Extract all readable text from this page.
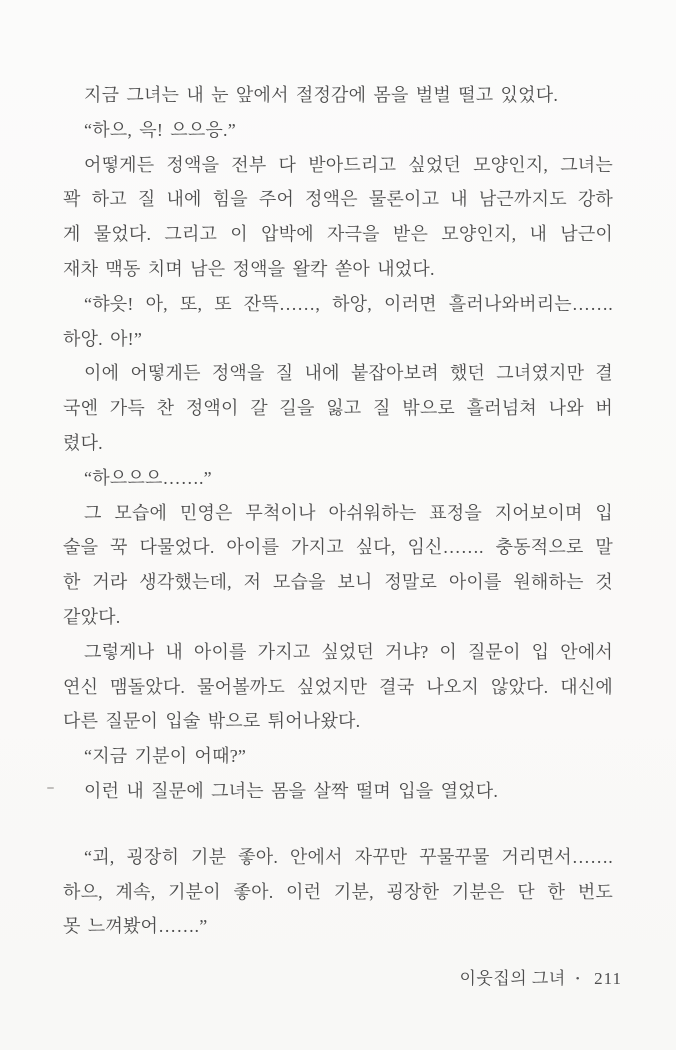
지금 그녀는 내 눈 앞에서 절정감에 몸을 벌벌 떨고 있었다.
“하으, 윽! 으으응.”
어떻게든 정액을 전부 다 받아드리고 싶었던 모양인지, 그녀는
꽉 하고 질 내에 힘을 주어 정액은 물론이고 내 남근까지도 강하
게 물었다. 그리고 이 압박에 자극을 받은 모양인지, 내 남근이
재차 맥동 치며 남은 정액을 왈칵 쏟아 내었다.
“햐읏! 아, 또, 또 잔뜩……, 하앙, 이러면 흘러나와버리는…….
하앙. 아!”
이에 어떻게든 정액을 질 내에 붙잡아보려 했던 그녀였지만 결
국엔 가득 찬 정액이 갈 길을 잃고 질 밖으로 흘러넘쳐 나와 버
렸다.
“하으으으…….”
그 모습에 민영은 무척이나 아쉬워하는 표정을 지어보이며 입
술을 꾹 다물었다. 아이를 가지고 싶다, 임신……. 충동적으로 말
한 거라 생각했는데, 저 모습을 보니 정말로 아이를 원해하는 것
같았다.
그렇게나 내 아이를 가지고 싶었던 거냐? 이 질문이 입 안에서
연신 맴돌았다. 물어볼까도 싶었지만 결국 나오지 않았다. 대신에
다른 질문이 입술 밖으로 튀어나왔다.
“지금 기분이 어때?”
이런 내 질문에 그녀는 몸을 살짝 떨며 입을 열었다.
“괴, 굉장히 기분 좋아. 안에서 자꾸만 꾸물꾸물 거리면서…….
하으, 계속, 기분이 좋아. 이런 기분, 굉장한 기분은 단 한 번도
못 느껴봤어…….”
이웃집의 그녀 • 211
